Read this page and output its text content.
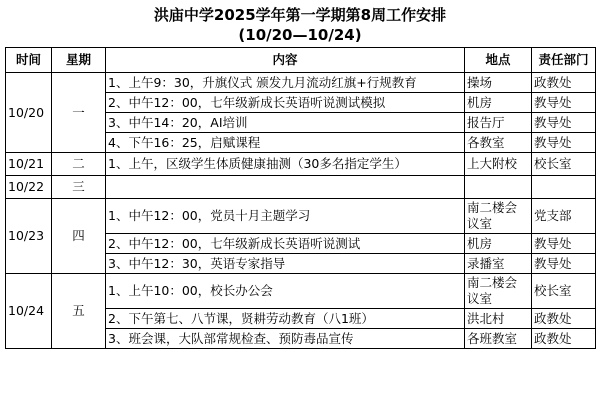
洪庙中学2025学年第一学期第8周工作安排
(10/20—10/24)
时间	星期	内容	地点	责任部门
10/20	一	1、上午9：30，升旗仪式 颁发九月流动红旗+行规教育	操场	政教处
		2、中午12：00，七年级新成长英语听说测试模拟	机房	教导处
		3、中午14：20，AI培训	报告厅	教导处
		4、下午16：25，启赋课程	各教室	教导处
10/21	二	1、上午，区级学生体质健康抽测（30多名指定学生）	上大附校	校长室
10/22	三			
10/23	四	1、中午12：00，党员十月主题学习	南二楼会议室	党支部
		2、中午12：00，七年级新成长英语听说测试	机房	教导处
		3、中午12：30，英语专家指导	录播室	教导处
10/24	五	1、上午10：00，校长办公会	南二楼会议室	校长室
		2、下午第七、八节课，贤耕劳动教育（八1班）	洪北村	政教处
		3、班会课，大队部常规检查、预防毒品宣传	各班教室	政教处
